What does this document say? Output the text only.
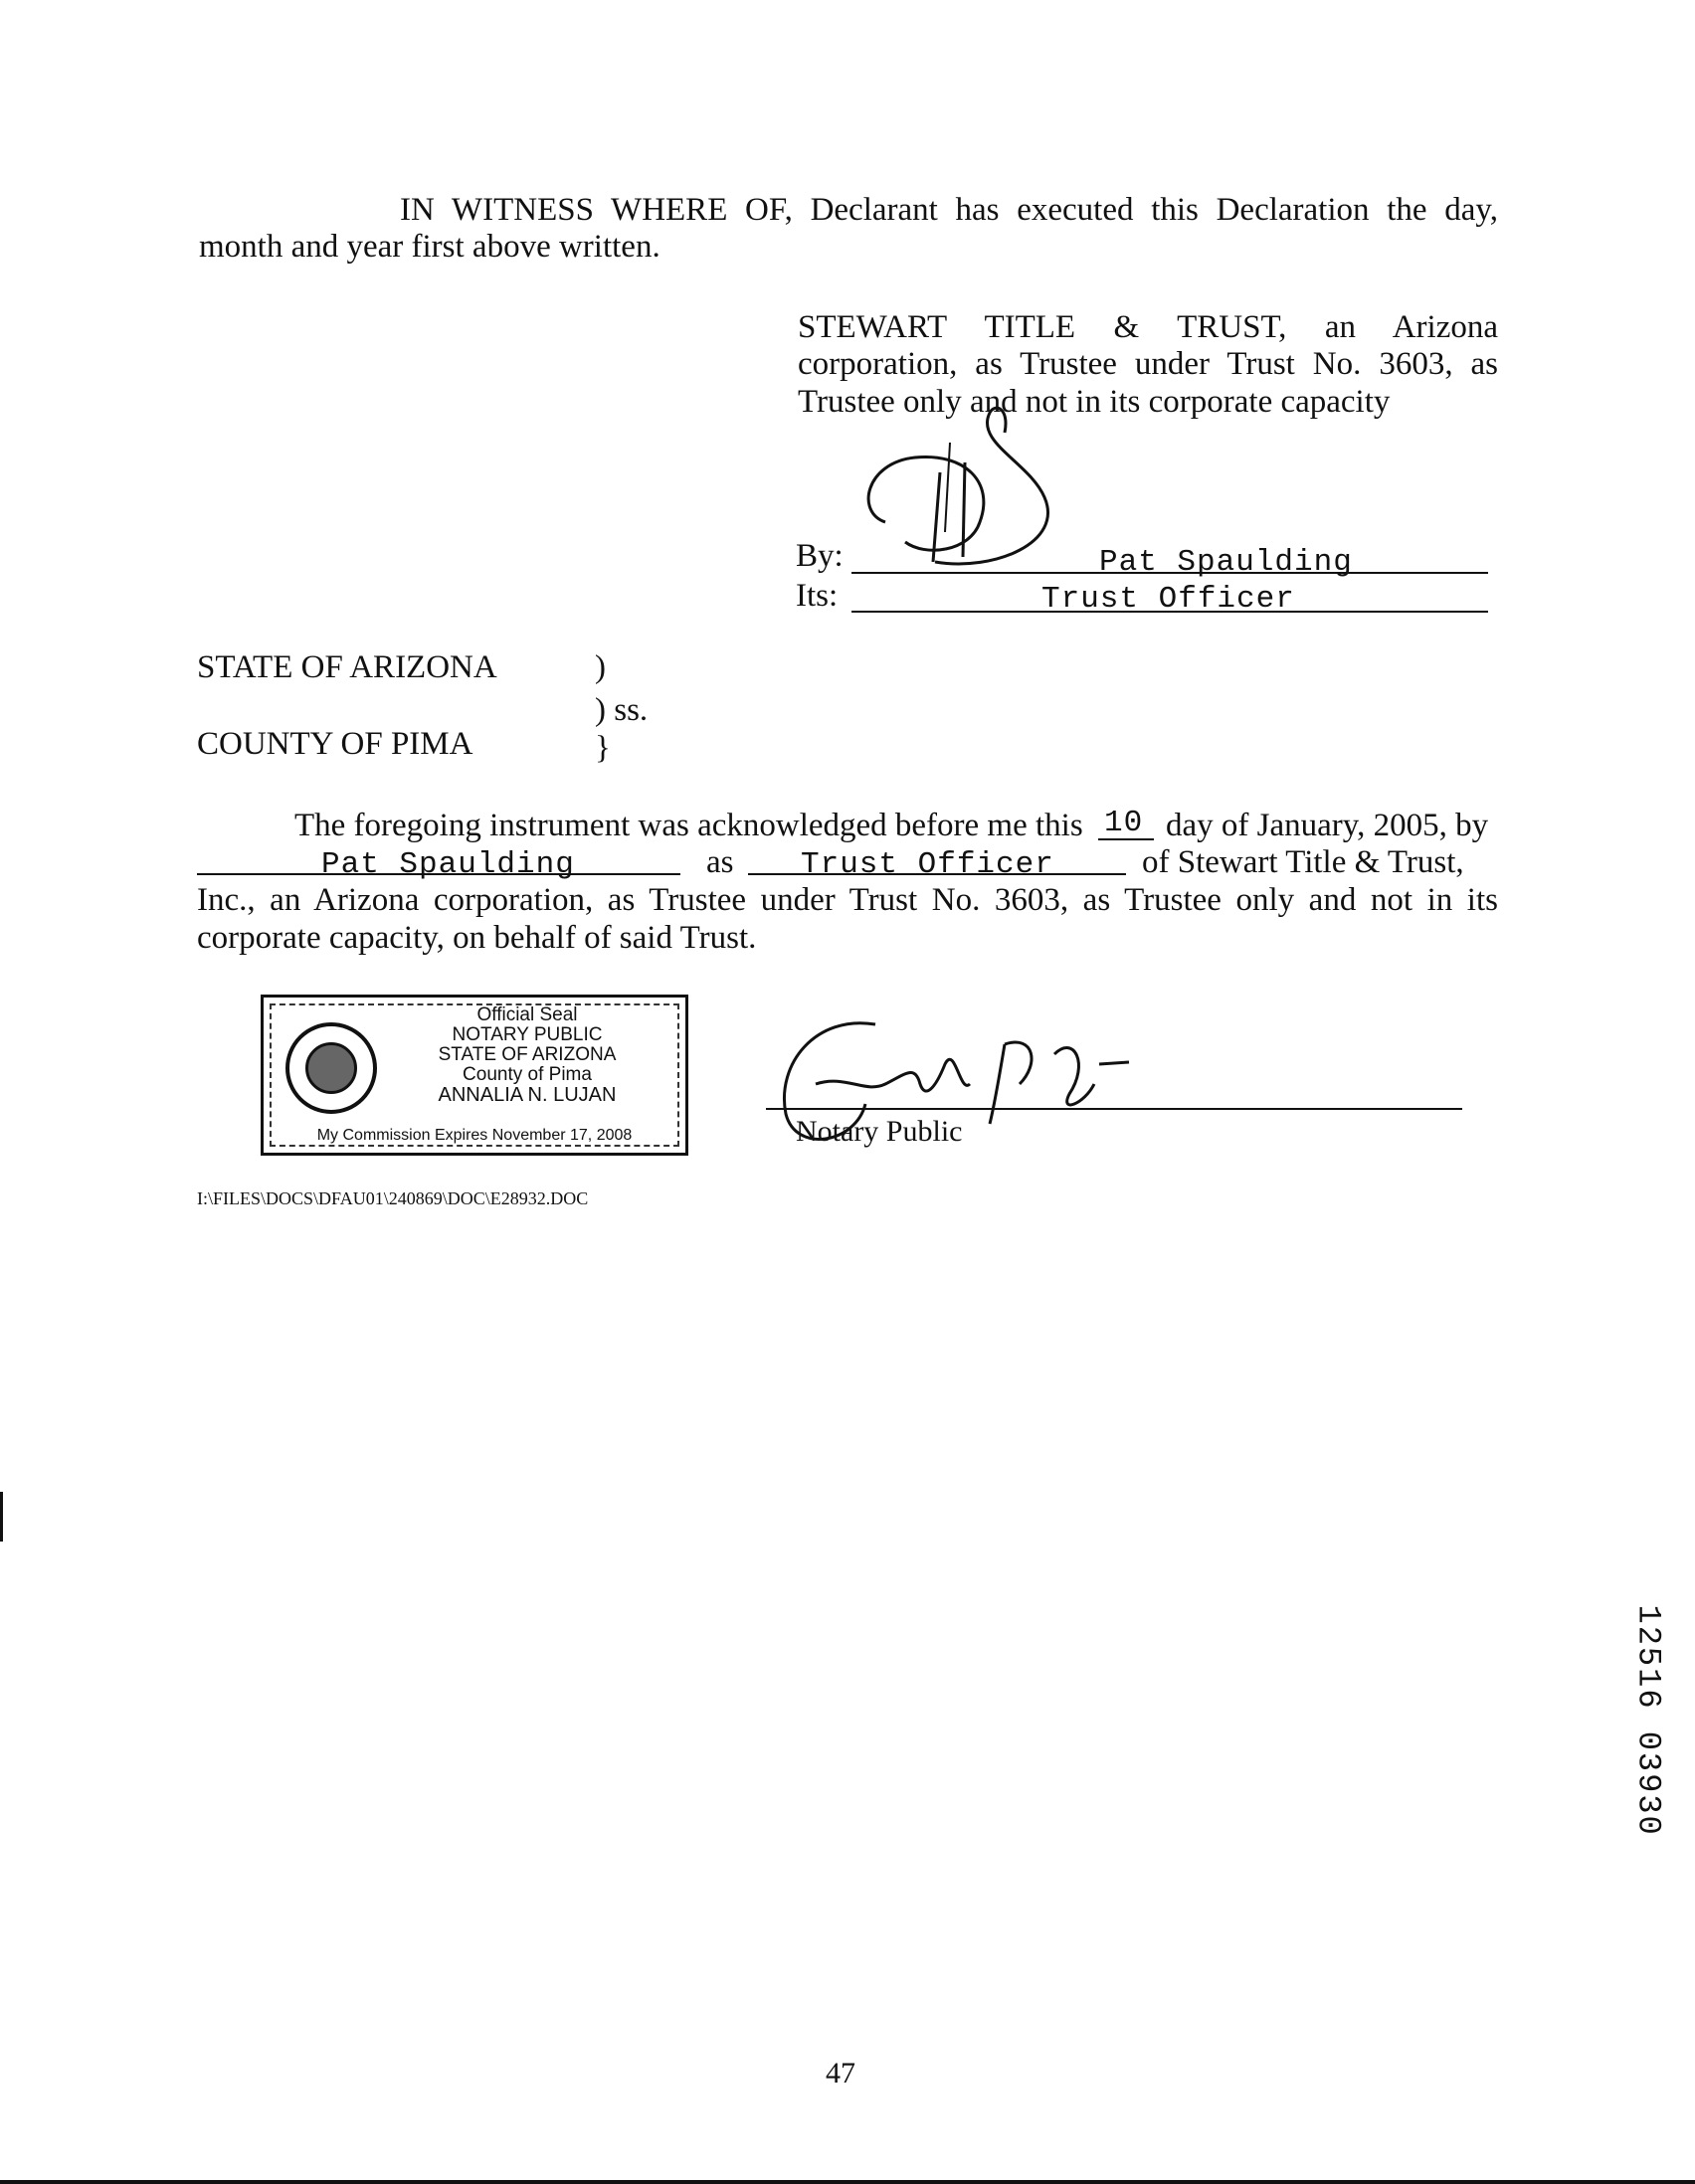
IN WITNESS WHERE OF, Declarant has executed this Declaration the day,
month and year first above written.
STEWART TITLE & TRUST, an Arizona
corporation, as Trustee under Trust No. 3603, as
Trustee only and not in its corporate capacity
By:	Pat Spaulding
Its:	Trust Officer
STATE OF ARIZONA	)
) ss.
COUNTY OF PIMA	}
The foregoing instrument was acknowledged before me this 10 day of January, 2005, by
Pat Spaulding	as Trust Officer	of Stewart Title & Trust,
Inc., an Arizona corporation, as Trustee under Trust No. 3603, as Trustee only and not in its
corporate capacity, on behalf of said Trust.
Official Seal
NOTARY PUBLIC
STATE OF ARIZONA
County of Pima
ANNALIA N. LUJAN
My Commission Expires November 17, 2008	Notary Public
I:\FILES\DOCS\DFAU01\240869\DOC\E28932.DOC
12516 03930
47
